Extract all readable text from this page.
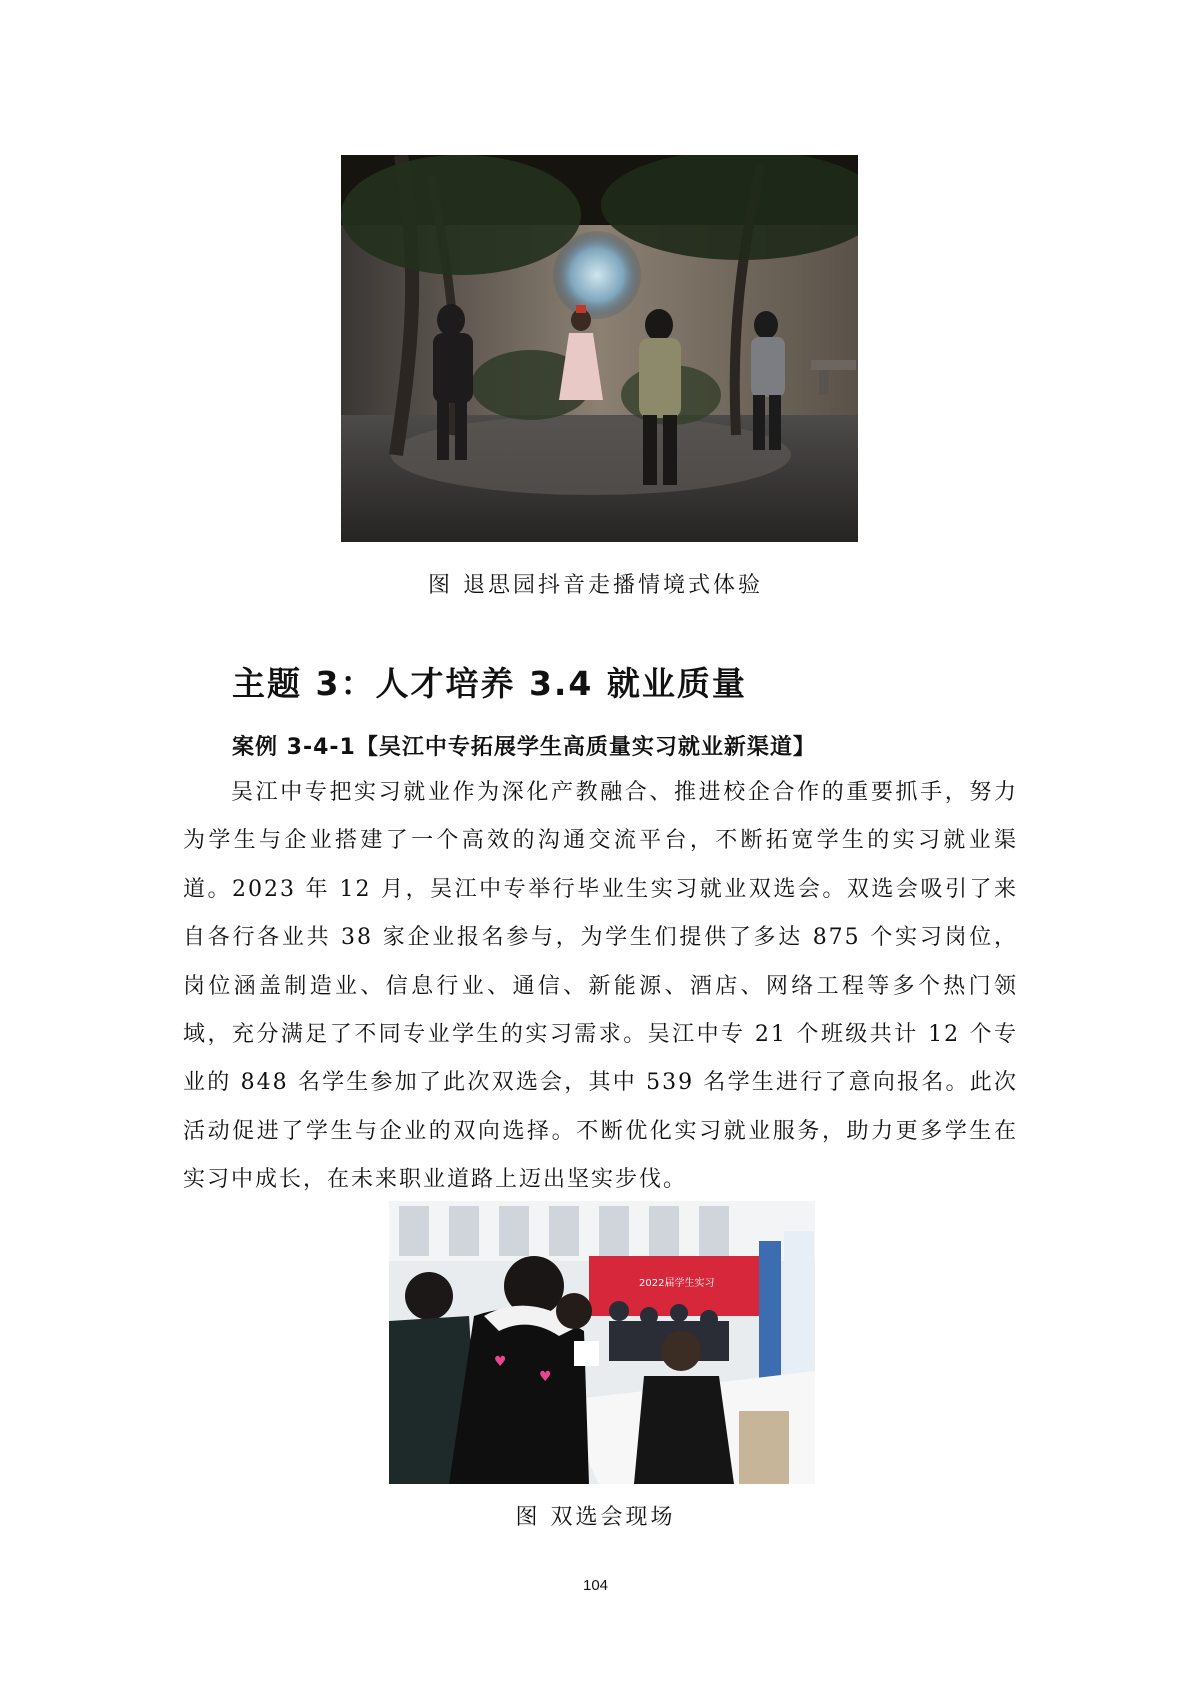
图 退思园抖音走播情境式体验
主题 3：人才培养 3.4 就业质量
案例 3-4-1【吴江中专拓展学生高质量实习就业新渠道】
吴江中专把实习就业作为深化产教融合、推进校企合作的重要抓手，努力为学生与企业搭建了一个高效的沟通交流平台，不断拓宽学生的实习就业渠道。2023 年 12 月，吴江中专举行毕业生实习就业双选会。双选会吸引了来自各行各业共 38 家企业报名参与，为学生们提供了多达 875 个实习岗位，岗位涵盖制造业、信息行业、通信、新能源、酒店、网络工程等多个热门领域，充分满足了不同专业学生的实习需求。吴江中专 21 个班级共计 12 个专业的 848 名学生参加了此次双选会，其中 539 名学生进行了意向报名。此次活动促进了学生与企业的双向选择。不断优化实习就业服务，助力更多学生在实习中成长，在未来职业道路上迈出坚实步伐。
2022届学生实习
♥
♥
图 双选会现场
104
